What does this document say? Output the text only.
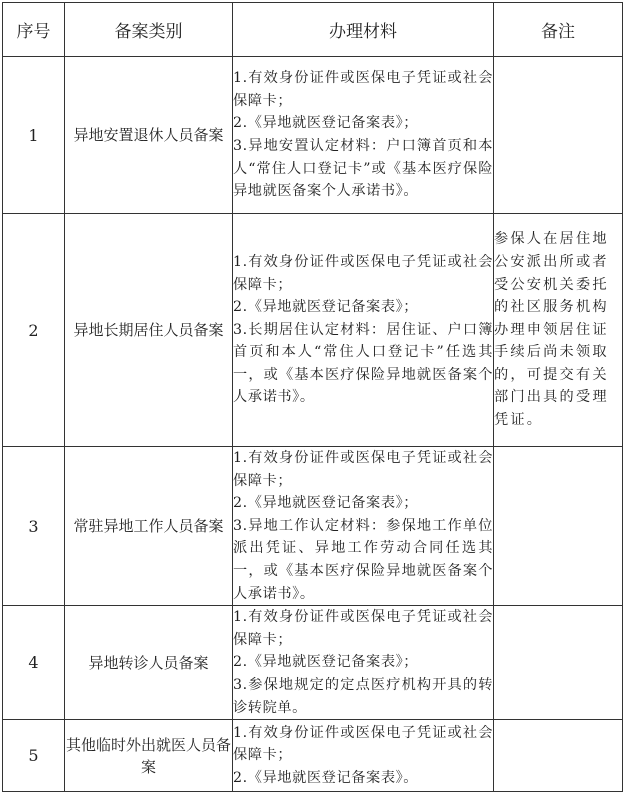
序号	备案类别	办理材料	备注
1	异地安置退休人员备案	1.有效身份证件或医保电子凭证或社会保障卡；
2.《异地就医登记备案表》；
3.异地安置认定材料：户口簿首页和本人“常住人口登记卡”或《基本医疗保险异地就医备案个人承诺书》。	

2	异地长期居住人员备案	1.有效身份证件或医保电子凭证或社会保障卡；
2.《异地就医登记备案表》；
3.长期居住认定材料：居住证、户口簿首页和本人“常住人口登记卡”任选其一，或《基本医疗保险异地就医备案个人承诺书》。	参保人在居住地公安派出所或者受公安机关委托的社区服务机构办理申领居住证手续后尚未领取的，可提交有关部门出具的受理凭证。
3	常驻异地工作人员备案	1.有效身份证件或医保电子凭证或社会保障卡；
2.《异地就医登记备案表》；
3.异地工作认定材料：参保地工作单位派出凭证、异地工作劳动合同任选其一，或《基本医疗保险异地就医备案个人承诺书》。	

4	异地转诊人员备案	1.有效身份证件或医保电子凭证或社会保障卡；
2.《异地就医登记备案表》；
3.参保地规定的定点医疗机构开具的转诊转院单。	

5	其他临时外出就医人员备案	1.有效身份证件或医保电子凭证或社会保障卡；
2.《异地就医登记备案表》。	
